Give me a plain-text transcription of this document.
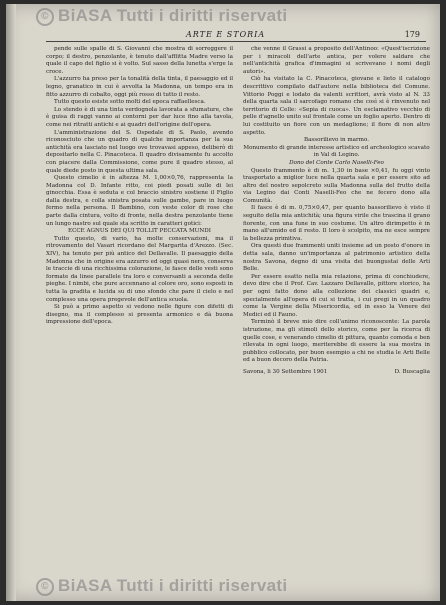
© BiASA Tutti i diritti riservati
ARTE E STORIA	179

pende sulle spalle di S. Giovanni che mostra di sorreggere il corpo; il destro, penzolante, è tenuto dall'afflitta Madre verso la quale il capo del figlio si è volto. Sul sasso della lunetta s'erge la croce.

L'azzurro ha preso per la tonalità della tinta, il paesaggio ed il legno, granatico in cui è avvolta la Madonna, un tempo era in fitto azzurro di cobalto, oggi più rosso di tutto il resto.

Tutto questo esiste sotto molti del epoca raffaellesca.

Lo stendo è di una tinta verdognola lavorata a sfumature, che è guisa di raggi vanno ai contorni per dar luce fino alla tavola, come nei ritratti antichi e ai quadri dell'origine dell'opera.

L'amministrazione del S. Ospedale di S. Paolo, avendo riconosciuto che un quadro di qualche importanza per la sua antichità era lasciato nel luogo ove trovavasi appeso, deliberò di depositarlo nella C. Pinacoteca. Il quadro divisamente fu accolto con piacere dalla Commissione, come pure il quadro stesso, al quale diede posto in questa ultima sala.

Questo cimelio è in altezza M. 1,00×0,76, rappresenta la Madonna col D. Infante ritto, coi piedi posati sulle di lei ginocchia. Essa è seduta e col braccio sinistro sostiene il Figlio dalla destra, e colla sinistra posata sulle gambe, pare in luogo fermo nella persona. Il Bambino, con veste color di rose che parte dalla cintura, volto di fronte, nella destra penzolante tiene un lungo nastro sul quale sta scritto in caratteri gotici:

ECCE AGNUS DEI QUI TOLLIT PECCATA MUNDI

Tutto questo, di vario, ha molte conservazioni, ma il ritrovamento del Vasari ricordano del Margarita d'Arezzo. (Sec. XIV), ha tenuto per più antico del Dellavalle. Il paesaggio della Madonna che in origine era azzurro ed oggi quasi nero, conserva le traccie di una ricchissima colorazione, le fasce delle vesti sono formate da linee parallele tra loro e conversanti a seconda delle pieghe. I nimbi, che pure accennano al colore oro, sono esposti in tutta la gradita e lucida su di uno sfondo che pare il cielo e nel complesso una opera pregevole dell'antica scuola.

Si può a primo aspetto si vedono nelle figure con difetti di disegno, ma il complesso si presenta armonico e dà buona impressione dell'epoca.

che venne il Grassi a proposito dell'Antinoo: «Quest'iscrizione per i miracoli dell'arte antica, per volere saldare che nell'antichità grafica d'immagini si scrivevano i nomi degli autori».

Ciò ha visitato la C. Pinacoteca, giovane e lieto il catalogo descrittivo compilato dall'autore nella biblioteca del Comune. Vittorio Poggi e lodato da valenti scrittori, avrà visto al N. 33 della quarta sala il sarcofago romano che così si è rinvenuto nel territorio di Celle: «Sepia di cuoca». Un esclamativo vecchio di pelle d'agnello unito sul frontale come un foglio aperto. Dentro di lui costituito un fiore con un medaglione; il fiore di non altro aspetto.

Bassorilievo in marmo.

Monumento di grande interesse artistico ed archeologico scavato in Val di Legino.

Dono del Conte Carlo Naselli-Feo

Questo frammento è di m. 1,30 in base ×0,41, fu oggi vinto trasportato a miglior luce nella quarta sala e per essere sito ad altro del nostro sepolcreto sulla Madonna sulla del frutto della via Legino dai Conti Naselli-Feo che ne fecero dono alla Comunità.

Il fasce è di m. 0,75×0,47, per quanto bassorilievo è visto il seguito della mia antichità; una figura virile che trascina il grano fiorente, con una fune in suo costume. Un altro dirimpetto è in mano all'umido ed il resto. Il loro è scolpito, ma ne esce sempre la bellezza primitiva.

Ora questi due frammenti uniti insieme ad un posto d'onore in detta sala, danno un'importanza al patrimonio artistico della nostra Savona, degno di una visita dei buongustai delle Arti Belle.

Per essere esatto nella mia relazione, prima di conchiudere, devo dire che il Prof. Cav. Lazzaro Dellavalle, pittore storico, ha per ogni fatto dono alla collezione dei classici quadri e, specialmente all'opera di cui si tratta, i cui pregi in un quadro come la Vergine della Misericordia, ed in esso la Venere dei Medici ed il Fauno.

Terminò il breve mio dire coll'animo riconoscente: La parola istruzione, ma gli stimoli dello storico, come per la ricerca di quelle cose, e venerando cimelio di pittura, quanto comoda e ben rilevata in ogni luogo, meriterebbe di essere la sua mostra in pubblico collocato, per buon esempio a chi ne studia le Arti Belle ed a buon decoro della Patria.

Savona, li 30 Settembre 1901	D. Buscaglia

© BiASA Tutti i diritti riservati
